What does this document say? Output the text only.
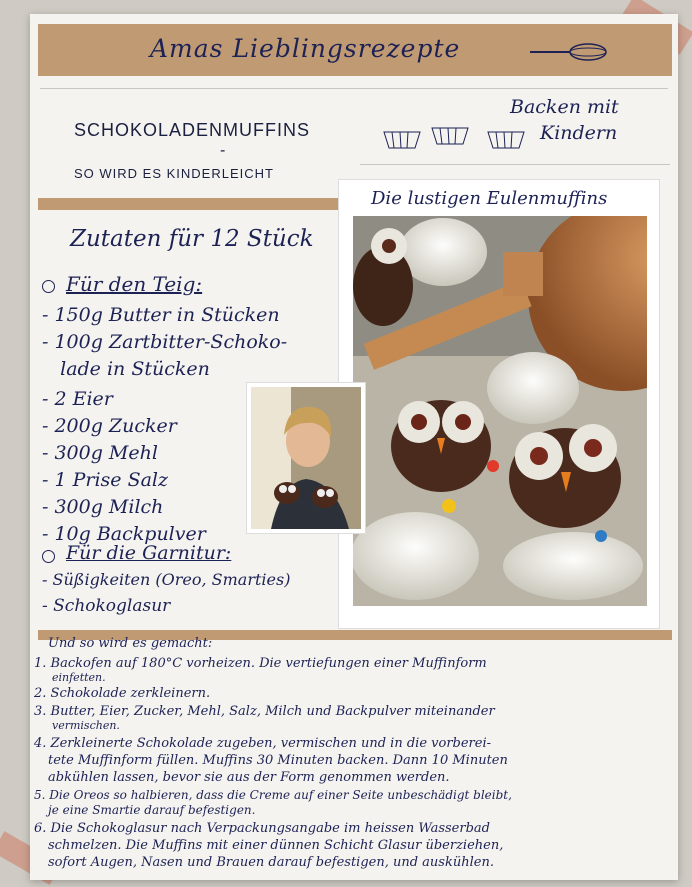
Amas Lieblingsrezepte
SCHOKOLADENMUFFINS
-
SO WIRD ES KINDERLEICHT
Backen mit
Kindern
Die lustigen Eulenmuffins
Zutaten für 12 Stück
Für den Teig:
- 150g Butter in Stücken
- 100g Zartbitter-Schoko-
lade in Stücken
- 2 Eier
- 200g Zucker
- 300g Mehl
- 1 Prise Salz
- 300g Milch
- 10g Backpulver
Für die Garnitur:
- Süßigkeiten (Oreo, Smarties)
- Schokoglasur
Und so wird es gemacht:
1. Backofen auf 180°C vorheizen. Die vertiefungen einer Muffinform
einfetten.
2. Schokolade zerkleinern.
3. Butter, Eier, Zucker, Mehl, Salz, Milch und Backpulver miteinander
vermischen.
4. Zerkleinerte Schokolade zugeben, vermischen und in die vorberei-
tete Muffinform füllen. Muffins 30 Minuten backen. Dann 10 Minuten
abkühlen lassen, bevor sie aus der Form genommen werden.
5. Die Oreos so halbieren, dass die Creme auf einer Seite unbeschädigt bleibt,
je eine Smartie darauf befestigen.
6. Die Schokoglasur nach Verpackungsangabe im heissen Wasserbad
schmelzen. Die Muffins mit einer dünnen Schicht Glasur überziehen,
sofort Augen, Nasen und Brauen darauf befestigen, und auskühlen.
